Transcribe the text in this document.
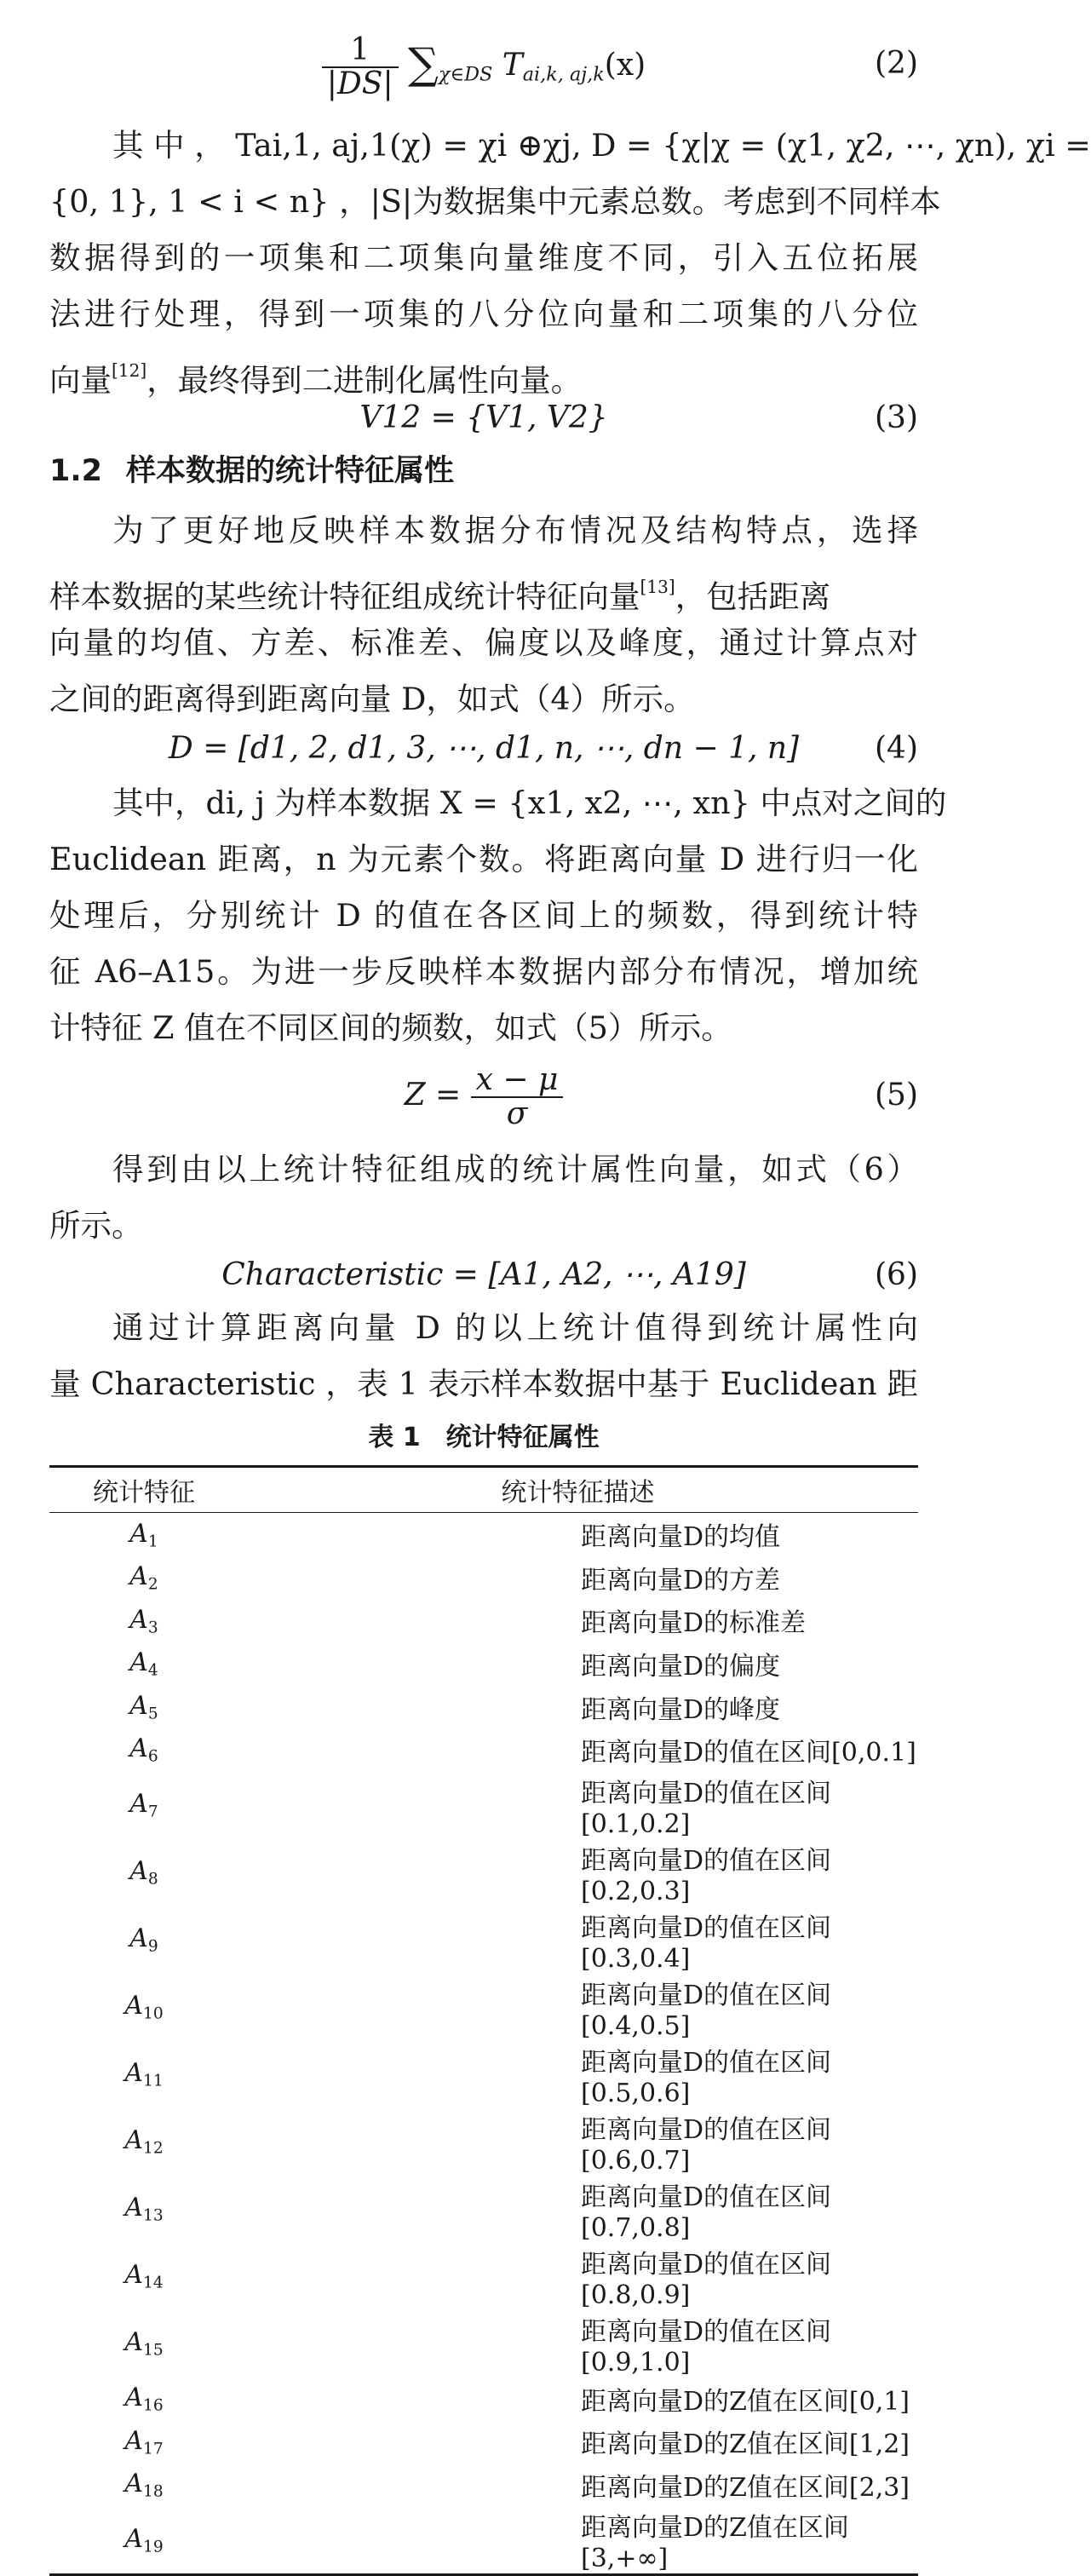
$\frac{1}{|DS|} \sum_{\chi\in DS}$ $T_{ai,k, aj,k}(x)$	(2)
其 中 ， Tai,1, aj,1(χ) = χi ⊕χj, D = {χ|χ = (χ1, χ2, ⋯, χn), χi =
{0, 1}, 1 < i < n} ，|S|为数据集中元素总数。考虑到不同样本
数据得到的一项集和二项集向量维度不同，引入五位拓展
法进行处理，得到一项集的八分位向量和二项集的八分位
向量[12]，最终得到二进制化属性向量。
V12 = {V1, V2}	(3)
1.2 样本数据的统计特征属性
为了更好地反映样本数据分布情况及结构特点，选择
样本数据的某些统计特征组成统计特征向量[13]，包括距离
向量的均值、方差、标准差、偏度以及峰度，通过计算点对
之间的距离得到距离向量 D，如式（4）所示。
D = [d1, 2, d1, 3, ⋯, d1, n, ⋯, dn − 1, n]	(4)
其中，di, j 为样本数据 X = {x1, x2, ⋯, xn} 中点对之间的
Euclidean 距离，n 为元素个数。将距离向量 D 进行归一化
处理后，分别统计 D 的值在各区间上的频数，得到统计特
征 A6–A15。为进一步反映样本数据内部分布情况，增加统
计特征 Z 值在不同区间的频数，如式（5）所示。
$Z = \frac{x - \mu}{\sigma}$	(5)
得到由以上统计特征组成的统计属性向量，如式（6）
所示。
Characteristic = [A1, A2, ⋯, A19]	(6)
通过计算距离向量 D 的以上统计值得到统计属性向
量 Characteristic ，表 1 表示样本数据中基于 Euclidean 距
表 1 统计特征属性
统计特征	统计特征描述
$A_1$	距离向量D的均值
$A_2$	距离向量D的方差
$A_3$	距离向量D的标准差
$A_4$	距离向量D的偏度
$A_5$	距离向量D的峰度
$A_6$	距离向量D的值在区间[0,0.1]
$A_7$	距离向量D的值在区间[0.1,0.2]
$A_8$	距离向量D的值在区间[0.2,0.3]
$A_9$	距离向量D的值在区间[0.3,0.4]
$A_{10}$	距离向量D的值在区间[0.4,0.5]
$A_{11}$	距离向量D的值在区间[0.5,0.6]
$A_{12}$	距离向量D的值在区间[0.6,0.7]
$A_{13}$	距离向量D的值在区间[0.7,0.8]
$A_{14}$	距离向量D的值在区间[0.8,0.9]
$A_{15}$	距离向量D的值在区间[0.9,1.0]
$A_{16}$	距离向量D的Z值在区间[0,1]
$A_{17}$	距离向量D的Z值在区间[1,2]
$A_{18}$	距离向量D的Z值在区间[2,3]
$A_{19}$	距离向量D的Z值在区间[3,+∞]
